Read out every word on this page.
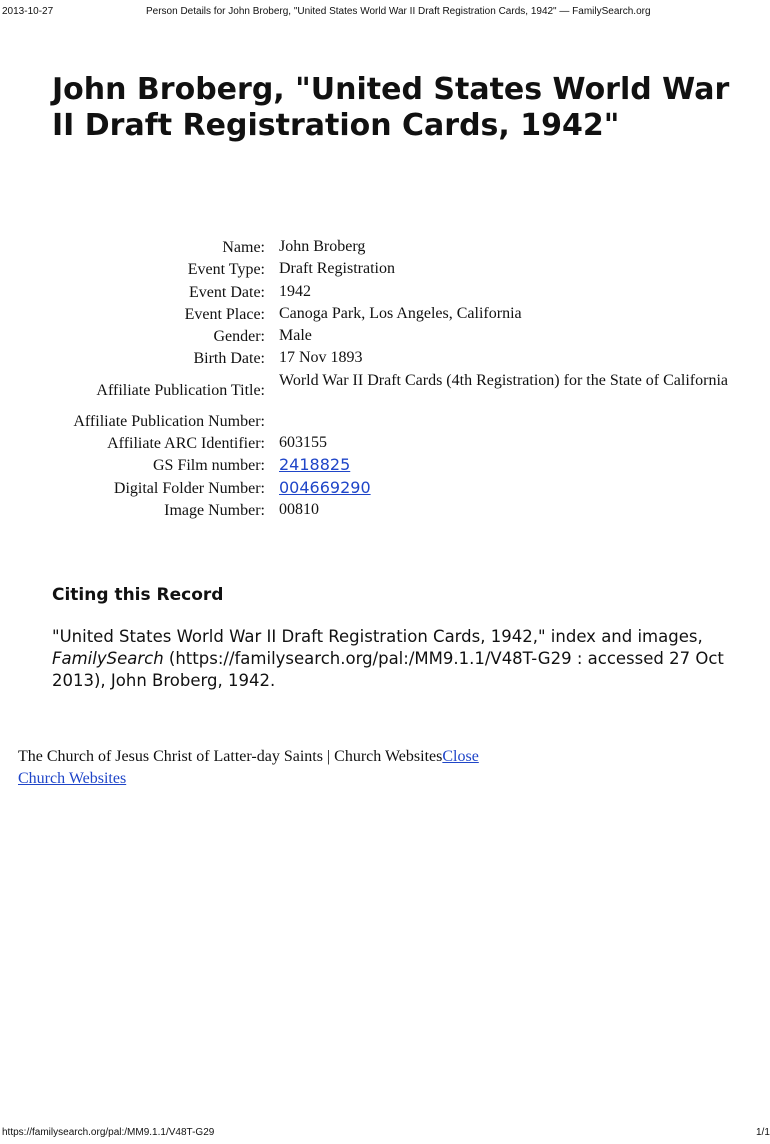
2013-10-27	Person Details for John Broberg, "United States World War II Draft Registration Cards, 1942" — FamilySearch.org
John Broberg, "United States World War II Draft Registration Cards, 1942"
Name: John Broberg
Event Type: Draft Registration
Event Date: 1942
Event Place: Canoga Park, Los Angeles, California
Gender: Male
Birth Date: 17 Nov 1893
Affiliate Publication Title:
World War II Draft Cards (4th Registration) for the State of California
Affiliate Publication Number:
Affiliate ARC Identifier: 603155
GS Film number: 2418825
Digital Folder Number: 004669290
Image Number: 00810
Citing this Record

"United States World War II Draft Registration Cards, 1942," index and images, FamilySearch (https://familysearch.org/pal:/MM9.1.1/V48T-G29 : accessed 27 Oct 2013), John Broberg, 1942.

The Church of Jesus Christ of Latter-day Saints | Church WebsitesClose
Church Websites
https://familysearch.org/pal:/MM9.1.1/V48T-G29	1/1
